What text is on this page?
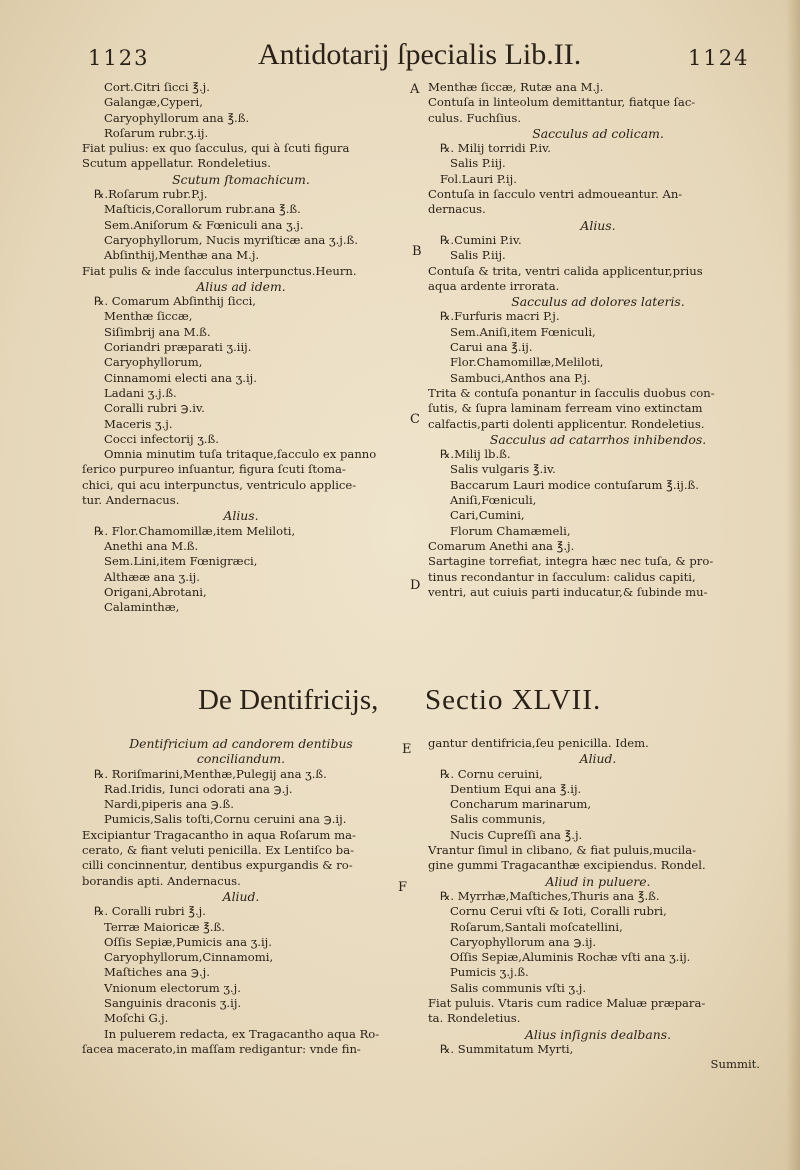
1123	Antidotarij ſpecialis Lib.II.	1124
Cort.Citri ſicci ℥.j.
Galangæ,Cyperi,
Caryophyllorum ana ℥.ß.
Roſarum rubr.ʒ.ij.
Fiat pulius: ex quo ſacculus, qui à ſcuti figura
Scutum appellatur. Rondeletius.
Scutum ſtomachicum.
℞.Roſarum rubr.P.j.
Maſticis,Corallorum rubr.ana ℥.ß.
Sem.Aniſorum & Fœniculi ana ʒ.j.
Caryophyllorum, Nucis myriſticæ ana ʒ.j.ß.
Abſinthij,Menthæ ana M.j.
Fiat pulis & inde ſacculus interpunctus.Heurn.
Alius ad idem.
℞. Comarum Abſinthij ſicci,
Menthæ ſiccæ,
Siſimbrij ana M.ß.
Coriandri præparati ʒ.iij.
Caryophyllorum,
Cinnamomi electi ana ʒ.ij.
Ladani ʒ.j.ß.
Coralli rubri ℈.iv.
Maceris ʒ.j.
Cocci infectorij ʒ.ß.
Omnia minutim tuſa tritaque,ſacculo ex panno
ſerico purpureo inſuantur, figura ſcuti ſtoma-
chici, qui acu interpunctus, ventriculo applice-
tur. Andernacus.
Alius.
℞. Flor.Chamomillæ,item Meliloti,
Anethi ana M.ß.
Sem.Lini,item Fœnigræci,
Althææ ana ʒ.ij.
Origani,Abrotani,
Calaminthæ,
A
B
C
D
E
F
Menthæ ſiccæ, Rutæ ana M.j.
Contuſa in linteolum demittantur, fiatque ſac-
culus. Fuchſius.
Sacculus ad colicam.
℞. Milij torridi P.iv.
Salis P.iij.
Fol.Lauri P.ij.
Contuſa in ſacculo ventri admoueantur. An-
dernacus.
Alius.
℞.Cumini P.iv.
Salis P.iij.
Contuſa & trita, ventri calida applicentur,prius
aqua ardente irrorata.
Sacculus ad dolores lateris.
℞.Furfuris macri P.j.
Sem.Aniſi,item Fœniculi,
Carui ana ℥.ij.
Flor.Chamomillæ,Meliloti,
Sambuci,Anthos ana P.j.
Trita & contuſa ponantur in ſacculis duobus con-
ſutis, & ſupra laminam ferream vino extinctam
calfactis,parti dolenti applicentur. Rondeletius.
Sacculus ad catarrhos inhibendos.
℞.Milij lb.ß.
Salis vulgaris ℥.iv.
Baccarum Lauri modice contuſarum ℥.ij.ß.
Aniſi,Fœniculi,
Cari,Cumini,
Florum Chamæmeli,
Comarum Anethi ana ℥.j.
Sartagine torrefiat, integra hæc nec tuſa, & pro-
tinus recondantur in ſacculum: calidus capiti,
ventri, aut cuiuis parti inducatur,& ſubinde mu-
De Dentifricijs, Sectio XLVII.
Dentifricium ad candorem dentibus
conciliandum.
℞. Roriſmarini,Menthæ,Pulegij ana ʒ.ß.
Rad.Iridis, Iunci odorati ana ℈.j.
Nardi,piperis ana ℈.ß.
Pumicis,Salis toſti,Cornu ceruini ana ℈.ij.
Excipiantur Tragacantho in aqua Roſarum ma-
cerato, & fiant veluti penicilla. Ex Lentiſco ba-
cilli concinnentur, dentibus expurgandis & ro-
borandis apti. Andernacus.
Aliud.
℞. Coralli rubri ℥.j.
Terræ Maioricæ ℥.ß.
Oſſis Sepiæ,Pumicis ana ʒ.ij.
Caryophyllorum,Cinnamomi,
Maſtiches ana ℈.j.
Vnionum electorum ʒ.j.
Sanguinis draconis ʒ.ij.
Moſchi G.j.
In puluerem redacta, ex Tragacantho aqua Ro-
ſacea macerato,in maſſam redigantur: vnde fin-
gantur dentifricia,ſeu penicilla. Idem.
Aliud.
℞. Cornu ceruini,
Dentium Equi ana ℥.ij.
Concharum marinarum,
Salis communis,
Nucis Cupreſſi ana ℥.j.
Vrantur ſimul in clibano, & fiat puluis,mucila-
gine gummi Tragacanthæ excipiendus. Rondel.
Aliud in puluere.
℞. Myrrhæ,Maſtiches,Thuris ana ℥.ß.
Cornu Cerui vſti & Ioti, Coralli rubri,
Roſarum,Santali moſcatellini,
Caryophyllorum ana ℈.ij.
Oſſis Sepiæ,Aluminis Rochæ vſti ana ʒ.ij.
Pumicis ʒ.j.ß.
Salis communis vſti ʒ.j.
Fiat puluis. Vtaris cum radice Maluæ præpara-
ta. Rondeletius.
Alius inſignis dealbans.
℞. Summitatum Myrti,
Summit.
